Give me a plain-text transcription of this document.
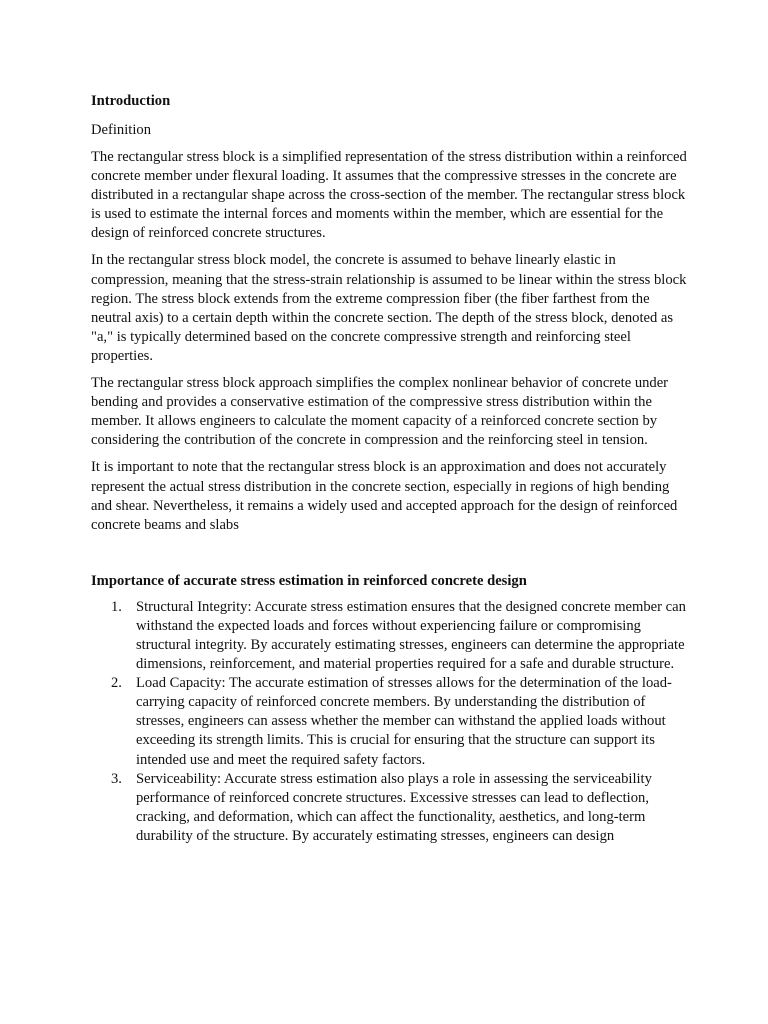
Introduction

Definition

The rectangular stress block is a simplified representation of the stress distribution within a reinforced concrete member under flexural loading. It assumes that the compressive stresses in the concrete are distributed in a rectangular shape across the cross-section of the member. The rectangular stress block is used to estimate the internal forces and moments within the member, which are essential for the design of reinforced concrete structures.

In the rectangular stress block model, the concrete is assumed to behave linearly elastic in compression, meaning that the stress-strain relationship is assumed to be linear within the stress block region. The stress block extends from the extreme compression fiber (the fiber farthest from the neutral axis) to a certain depth within the concrete section. The depth of the stress block, denoted as "a," is typically determined based on the concrete compressive strength and reinforcing steel properties.

The rectangular stress block approach simplifies the complex nonlinear behavior of concrete under bending and provides a conservative estimation of the compressive stress distribution within the member. It allows engineers to calculate the moment capacity of a reinforced concrete section by considering the contribution of the concrete in compression and the reinforcing steel in tension.

It is important to note that the rectangular stress block is an approximation and does not accurately represent the actual stress distribution in the concrete section, especially in regions of high bending and shear. Nevertheless, it remains a widely used and accepted approach for the design of reinforced concrete beams and slabs

Importance of accurate stress estimation in reinforced concrete design
1. Structural Integrity: Accurate stress estimation ensures that the designed concrete member can withstand the expected loads and forces without experiencing failure or compromising structural integrity. By accurately estimating stresses, engineers can determine the appropriate dimensions, reinforcement, and material properties required for a safe and durable structure.
2. Load Capacity: The accurate estimation of stresses allows for the determination of the load-carrying capacity of reinforced concrete members. By understanding the distribution of stresses, engineers can assess whether the member can withstand the applied loads without exceeding its strength limits. This is crucial for ensuring that the structure can support its intended use and meet the required safety factors.
3. Serviceability: Accurate stress estimation also plays a role in assessing the serviceability performance of reinforced concrete structures. Excessive stresses can lead to deflection, cracking, and deformation, which can affect the functionality, aesthetics, and long-term durability of the structure. By accurately estimating stresses, engineers can design
